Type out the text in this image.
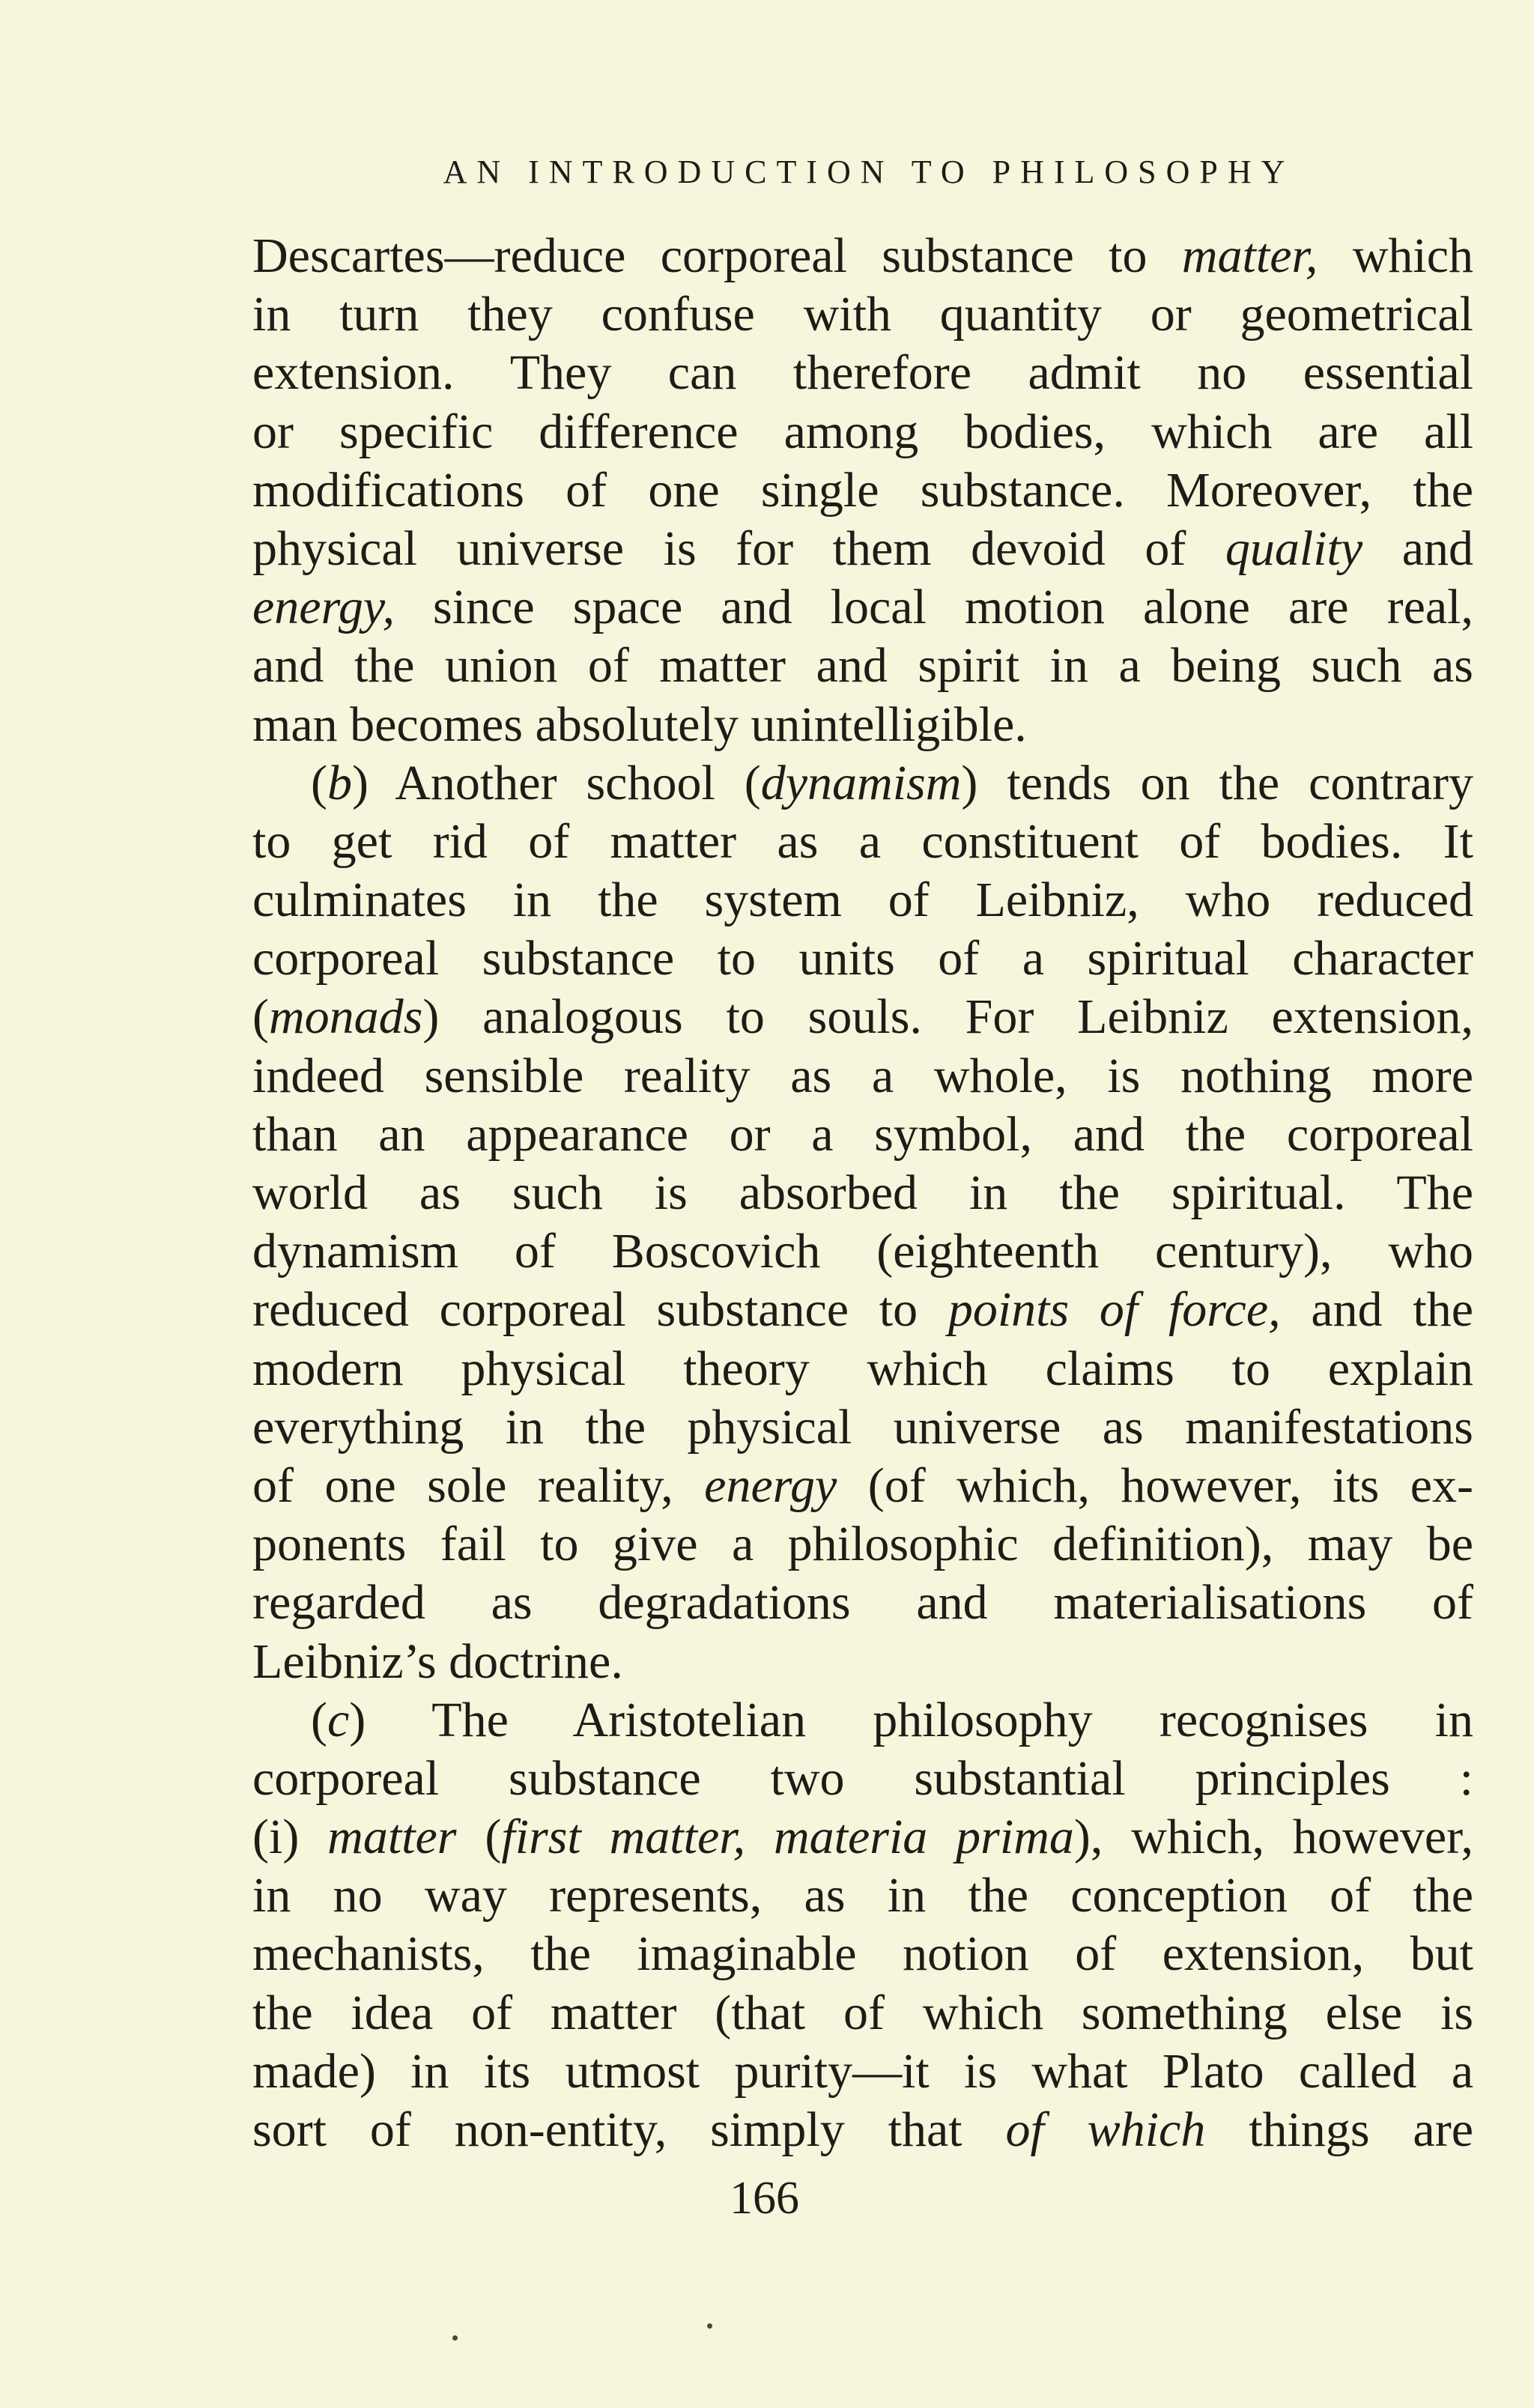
AN INTRODUCTION TO PHILOSOPHY
Descartes—reduce corporeal substance to matter, which
in turn they confuse with quantity or geometrical
extension. They can therefore admit no essential
or specific difference among bodies, which are all
modifications of one single substance. Moreover, the
physical universe is for them devoid of quality and
energy, since space and local motion alone are real,
and the union of matter and spirit in a being such as
man becomes absolutely unintelligible.
(b) Another school (dynamism) tends on the contrary
to get rid of matter as a constituent of bodies. It
culminates in the system of Leibniz, who reduced
corporeal substance to units of a spiritual character
(monads) analogous to souls. For Leibniz extension,
indeed sensible reality as a whole, is nothing more
than an appearance or a symbol, and the corporeal
world as such is absorbed in the spiritual. The
dynamism of Boscovich (eighteenth century), who
reduced corporeal substance to points of force, and the
modern physical theory which claims to explain
everything in the physical universe as manifestations
of one sole reality, energy (of which, however, its ex-
ponents fail to give a philosophic definition), may be
regarded as degradations and materialisations of
Leibniz’s doctrine.
(c) The Aristotelian philosophy recognises in
corporeal substance two substantial principles :
(i) matter (first matter, materia prima), which, however,
in no way represents, as in the conception of the
mechanists, the imaginable notion of extension, but
the idea of matter (that of which something else is
made) in its utmost purity—it is what Plato called a
sort of non-entity, simply that of which things are
166
